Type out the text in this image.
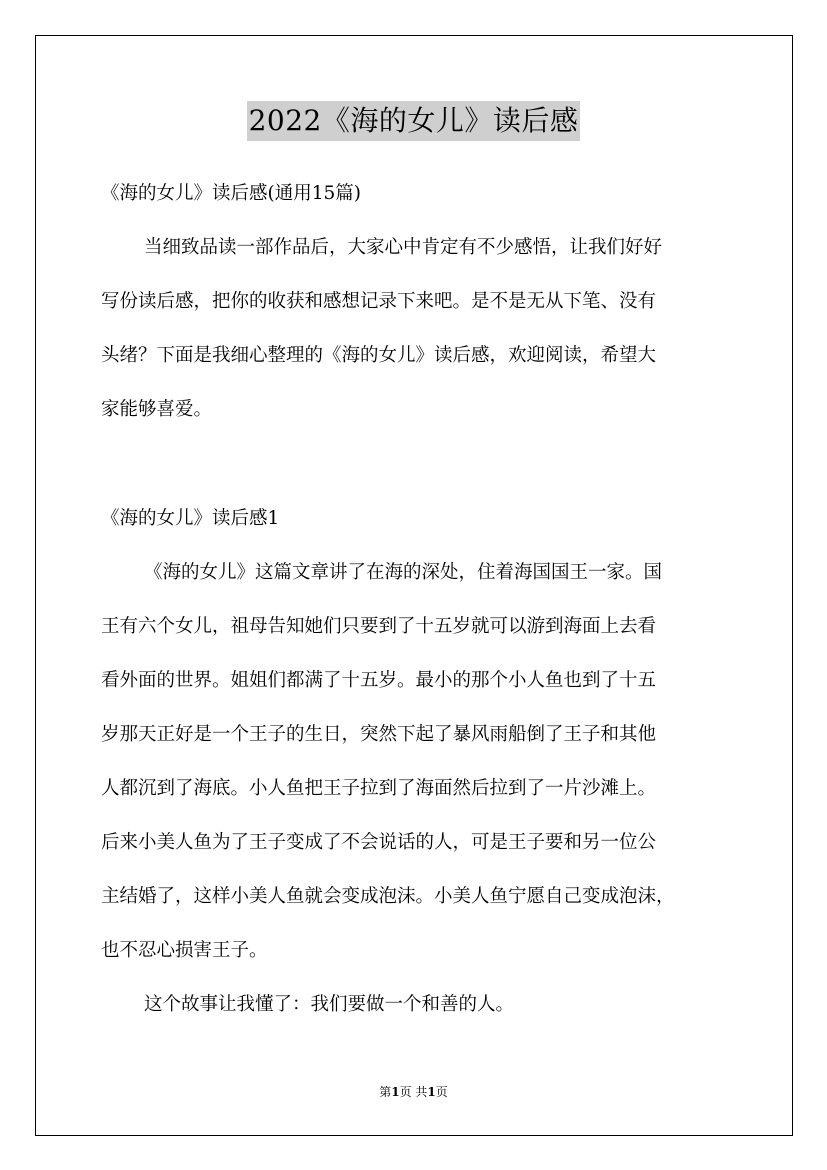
2022《海的女儿》读后感
《海的女儿》读后感(通用15篇)
当细致品读一部作品后，大家心中肯定有不少感悟，让我们好好
写份读后感，把你的收获和感想记录下来吧。是不是无从下笔、没有
头绪？下面是我细心整理的《海的女儿》读后感，欢迎阅读，希望大
家能够喜爱。
《海的女儿》读后感1
《海的女儿》这篇文章讲了在海的深处，住着海国国王一家。国
王有六个女儿，祖母告知她们只要到了十五岁就可以游到海面上去看
看外面的世界。姐姐们都满了十五岁。最小的那个小人鱼也到了十五
岁那天正好是一个王子的生日，突然下起了暴风雨船倒了王子和其他
人都沉到了海底。小人鱼把王子拉到了海面然后拉到了一片沙滩上。
后来小美人鱼为了王子变成了不会说话的人，可是王子要和另一位公
主结婚了，这样小美人鱼就会变成泡沫。小美人鱼宁愿自己变成泡沫，
也不忍心损害王子。
这个故事让我懂了：我们要做一个和善的人。
第1页 共1页
